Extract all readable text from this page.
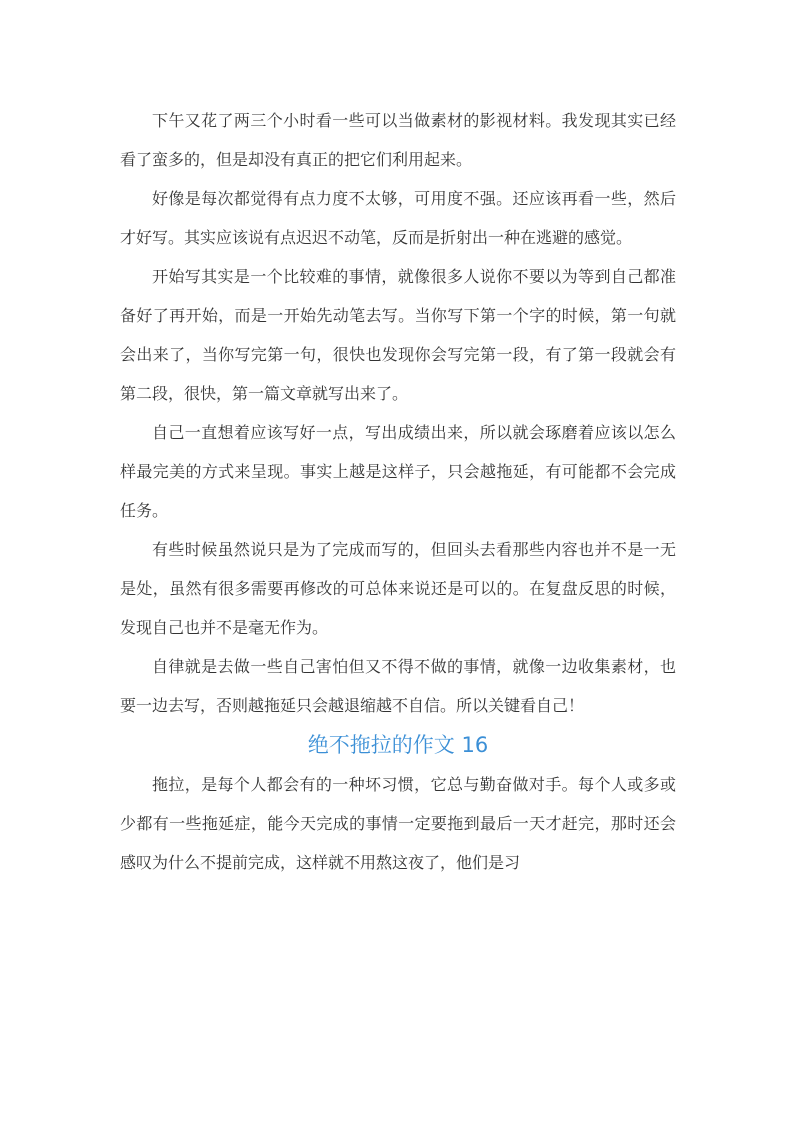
下午又花了两三个小时看一些可以当做素材的影视材料。我发现其实已经看了蛮多的，但是却没有真正的把它们利用起来。

好像是每次都觉得有点力度不太够，可用度不强。还应该再看一些，然后才好写。其实应该说有点迟迟不动笔，反而是折射出一种在逃避的感觉。

开始写其实是一个比较难的事情，就像很多人说你不要以为等到自己都准备好了再开始，而是一开始先动笔去写。当你写下第一个字的时候，第一句就会出来了，当你写完第一句，很快也发现你会写完第一段，有了第一段就会有第二段，很快，第一篇文章就写出来了。

自己一直想着应该写好一点，写出成绩出来，所以就会琢磨着应该以怎么样最完美的方式来呈现。事实上越是这样子，只会越拖延，有可能都不会完成任务。

有些时候虽然说只是为了完成而写的，但回头去看那些内容也并不是一无是处，虽然有很多需要再修改的可总体来说还是可以的。在复盘反思的时候，发现自己也并不是毫无作为。

自律就是去做一些自己害怕但又不得不做的事情，就像一边收集素材，也要一边去写，否则越拖延只会越退缩越不自信。所以关键看自己！

绝不拖拉的作文 16

拖拉，是每个人都会有的一种坏习惯，它总与勤奋做对手。每个人或多或少都有一些拖延症，能今天完成的事情一定要拖到最后一天才赶完，那时还会感叹为什么不提前完成，这样就不用熬这夜了，他们是习
